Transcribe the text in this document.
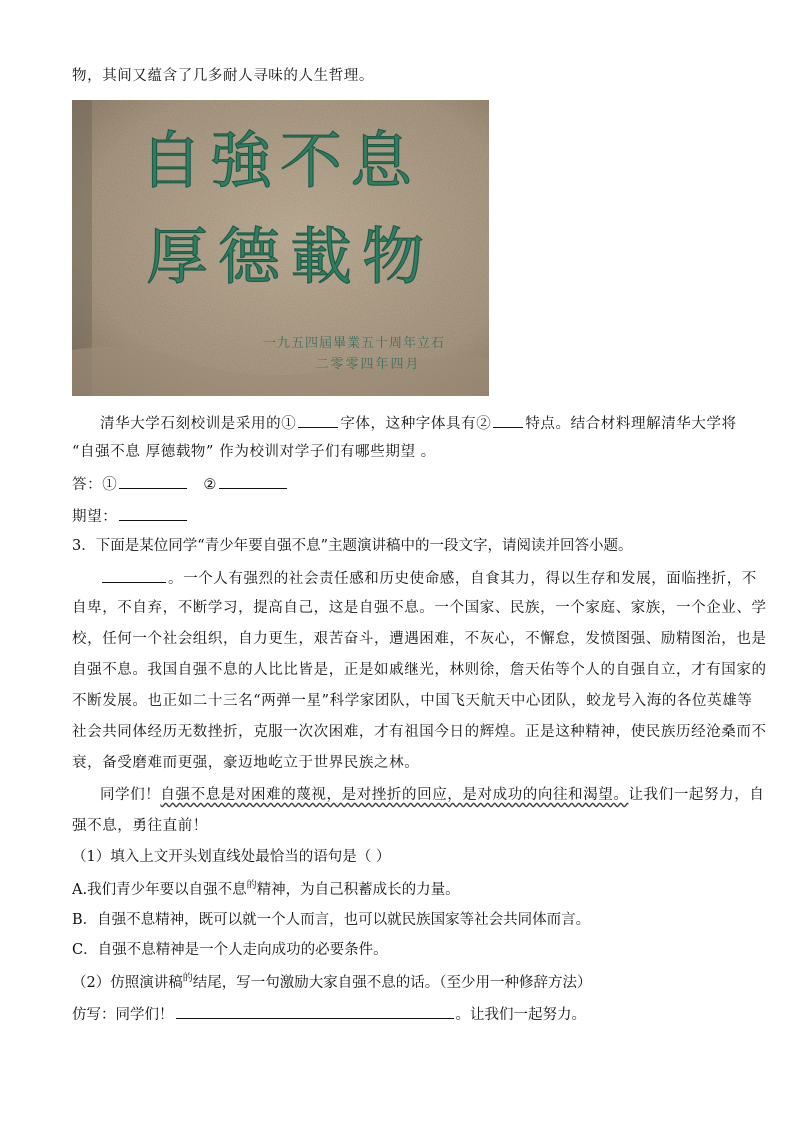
物，其间又蕴含了几多耐人寻味的人生哲理。
自強不息
厚德載物
一九五四屆畢業五十周年立石
二零零四年四月
清华大学石刻校训是采用的①	字体，这种字体具有② 特点。结合材料理解清华大学将
“自强不息 厚德载物” 作为校训对学子们有哪些期望 。
答：①	②
期望：
3．下面是某位同学“青少年要自强不息”主题演讲稿中的一段文字，请阅读并回答小题。
。一个人有强烈的社会责任感和历史使命感，自食其力，得以生存和发展，面临挫折，不
自卑，不自弃，不断学习，提高自己，这是自强不息。一个国家、民族，一个家庭、家族，一个企业、学
校，任何一个社会组织，自力更生，艰苦奋斗，遭遇困难，不灰心，不懈怠，发愤图强、励精图治，也是
自强不息。我国自强不息的人比比皆是，正是如戚继光，林则徐，詹天佑等个人的自强自立，才有国家的
不断发展。也正如二十三名“两弹一星”科学家团队，中国飞天航天中心团队，蛟龙号入海的各位英雄等
社会共同体经历无数挫折，克服一次次困难，才有祖国今日的辉煌。正是这种精神，使民族历经沧桑而不
衰，备受磨难而更强，豪迈地屹立于世界民族之林。
同学们！自强不息是对困难的蔑视，是对挫折的回应，是对成功的向往和渴望。让我们一起努力，自
强不息，勇往直前！
（1）填入上文开头划直线处最恰当的语句是（ ）
A.我们青少年要以自强不息$^的$精神，为自己积蓄成长的力量。
B．自强不息精神，既可以就一个人而言，也可以就民族国家等社会共同体而言。
C．自强不息精神是一个人走向成功的必要条件。
（2）仿照演讲稿$^的$结尾，写一句激励大家自强不息的话。（至少用一种修辞方法）
仿写：同学们！	。让我们一起努力。
